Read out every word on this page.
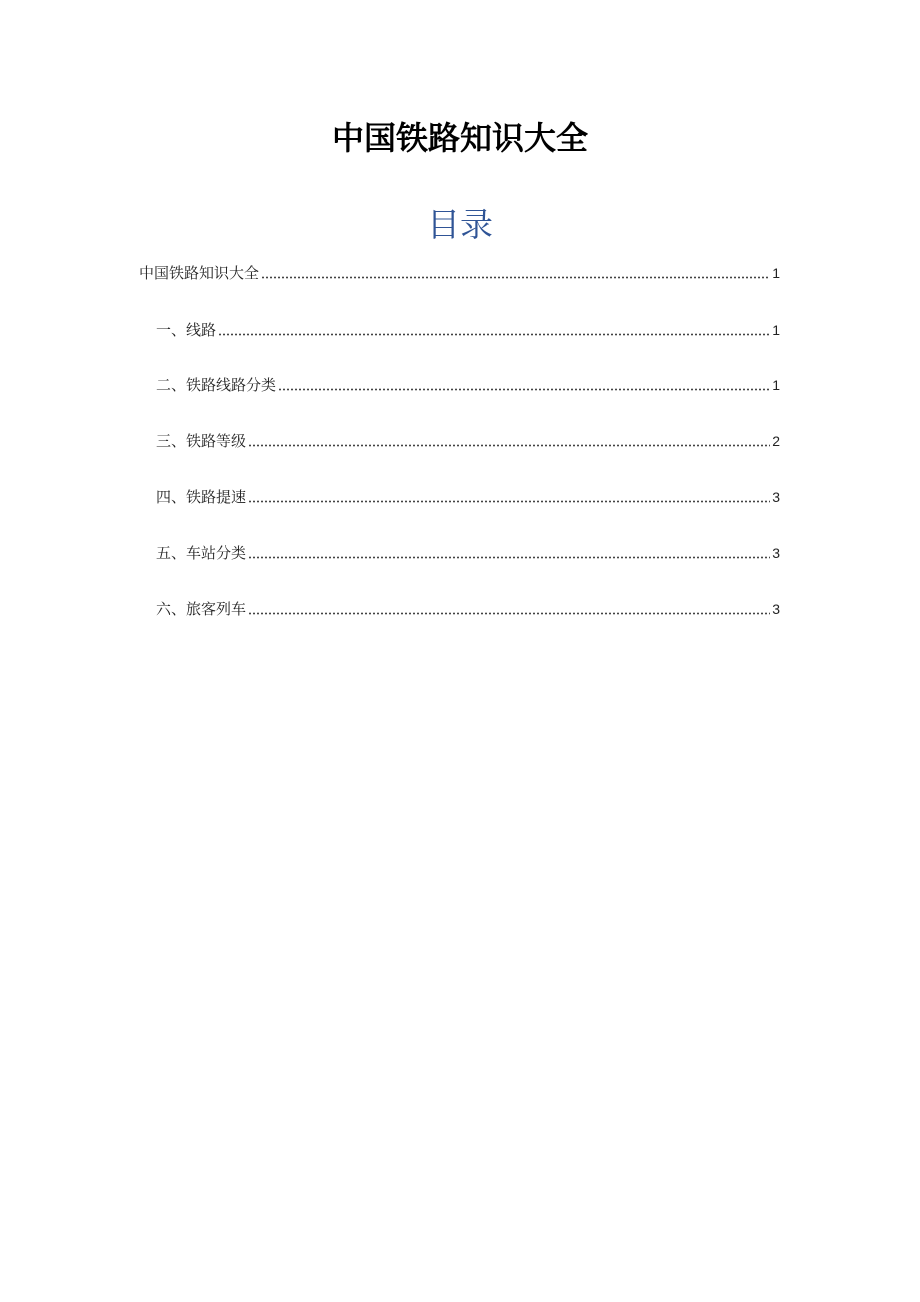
中国铁路知识大全
目录
中国铁路知识大全	1
一、线路	1
二、铁路线路分类	1
三、铁路等级	2
四、铁路提速	3
五、车站分类	3
六、旅客列车	3
